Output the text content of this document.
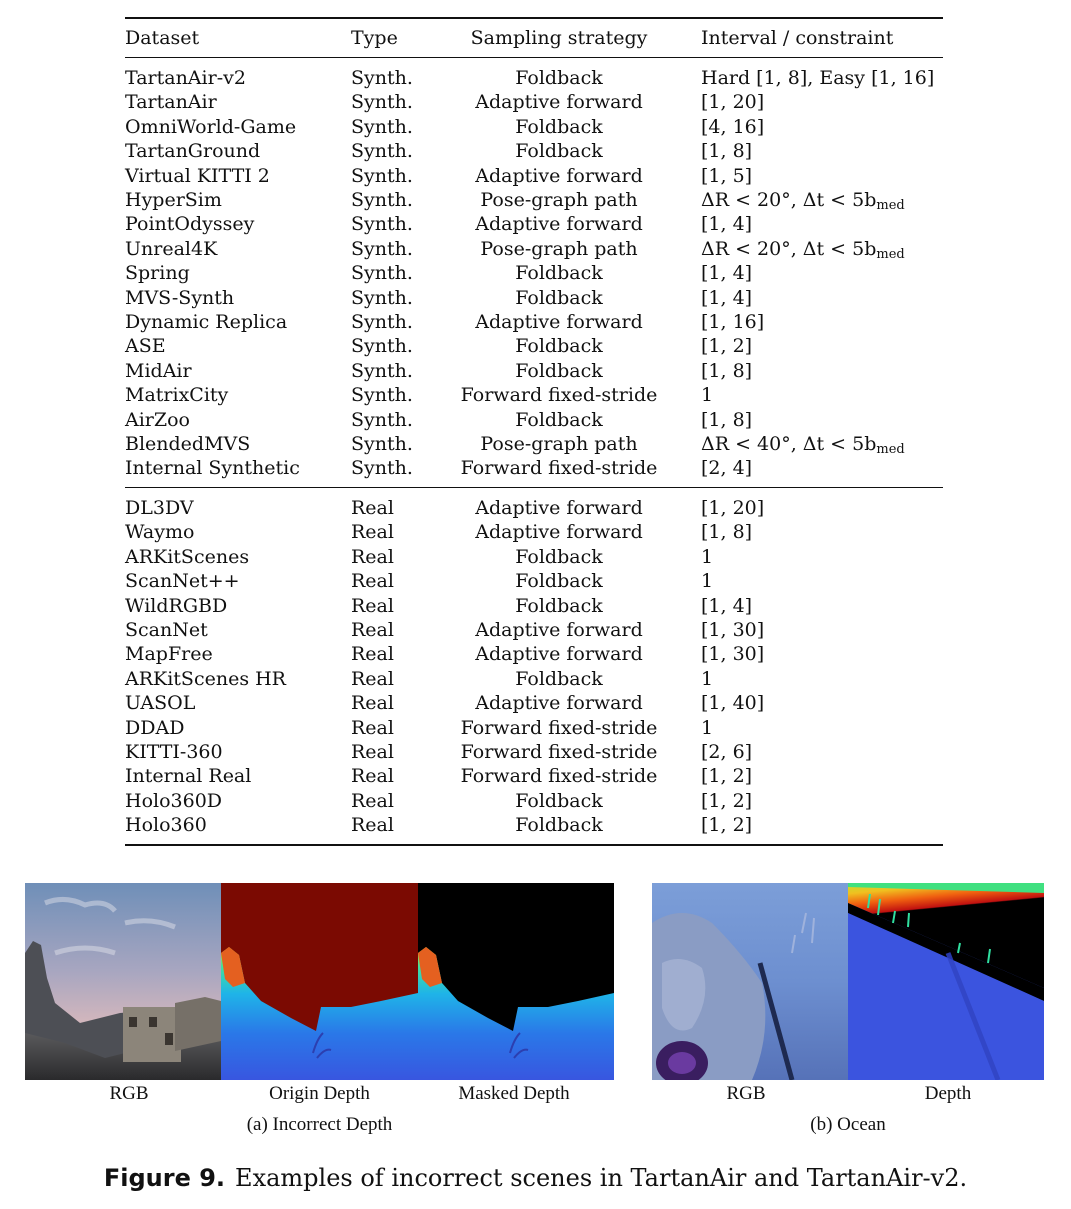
Dataset	Type	Sampling strategy	Interval / constraint
TartanAir-v2	Synth.	Foldback	Hard [1, 8], Easy [1, 16]
TartanAir	Synth.	Adaptive forward	[1, 20]
OmniWorld-Game	Synth.	Foldback	[4, 16]
TartanGround	Synth.	Foldback	[1, 8]
Virtual KITTI 2	Synth.	Adaptive forward	[1, 5]
HyperSim	Synth.	Pose-graph path	ΔR < 20°, $\Delta t < 5b_{med}$
PointOdyssey	Synth.	Adaptive forward	[1, 4]
Unreal4K	Synth.	Pose-graph path	ΔR < 20°, $\Delta t < 5b_{med}$
Spring	Synth.	Foldback	[1, 4]
MVS-Synth	Synth.	Foldback	[1, 4]
Dynamic Replica	Synth.	Adaptive forward	[1, 16]
ASE	Synth.	Foldback	[1, 2]
MidAir	Synth.	Foldback	[1, 8]
MatrixCity	Synth.	Forward fixed-stride	1
AirZoo	Synth.	Foldback	[1, 8]
BlendedMVS	Synth.	Pose-graph path	ΔR < 40°, $\Delta t < 5b_{med}$
Internal Synthetic	Synth.	Forward fixed-stride	[2, 4]
DL3DV	Real	Adaptive forward	[1, 20]
Waymo	Real	Adaptive forward	[1, 8]
ARKitScenes	Real	Foldback	1
ScanNet++	Real	Foldback	1
WildRGBD	Real	Foldback	[1, 4]
ScanNet	Real	Adaptive forward	[1, 30]
MapFree	Real	Adaptive forward	[1, 30]
ARKitScenes HR	Real	Foldback	1
UASOL	Real	Adaptive forward	[1, 40]
DDAD	Real	Forward fixed-stride	1
KITTI-360	Real	Forward fixed-stride	[2, 6]
Internal Real	Real	Forward fixed-stride	[1, 2]
Holo360D	Real	Foldback	[1, 2]
Holo360	Real	Foldback	[1, 2]
RGB	Origin Depth	Masked Depth
(a) Incorrect Depth
RGB	Depth
(b) Ocean
Figure 9. Examples of incorrect scenes in TartanAir and TartanAir-v2.
